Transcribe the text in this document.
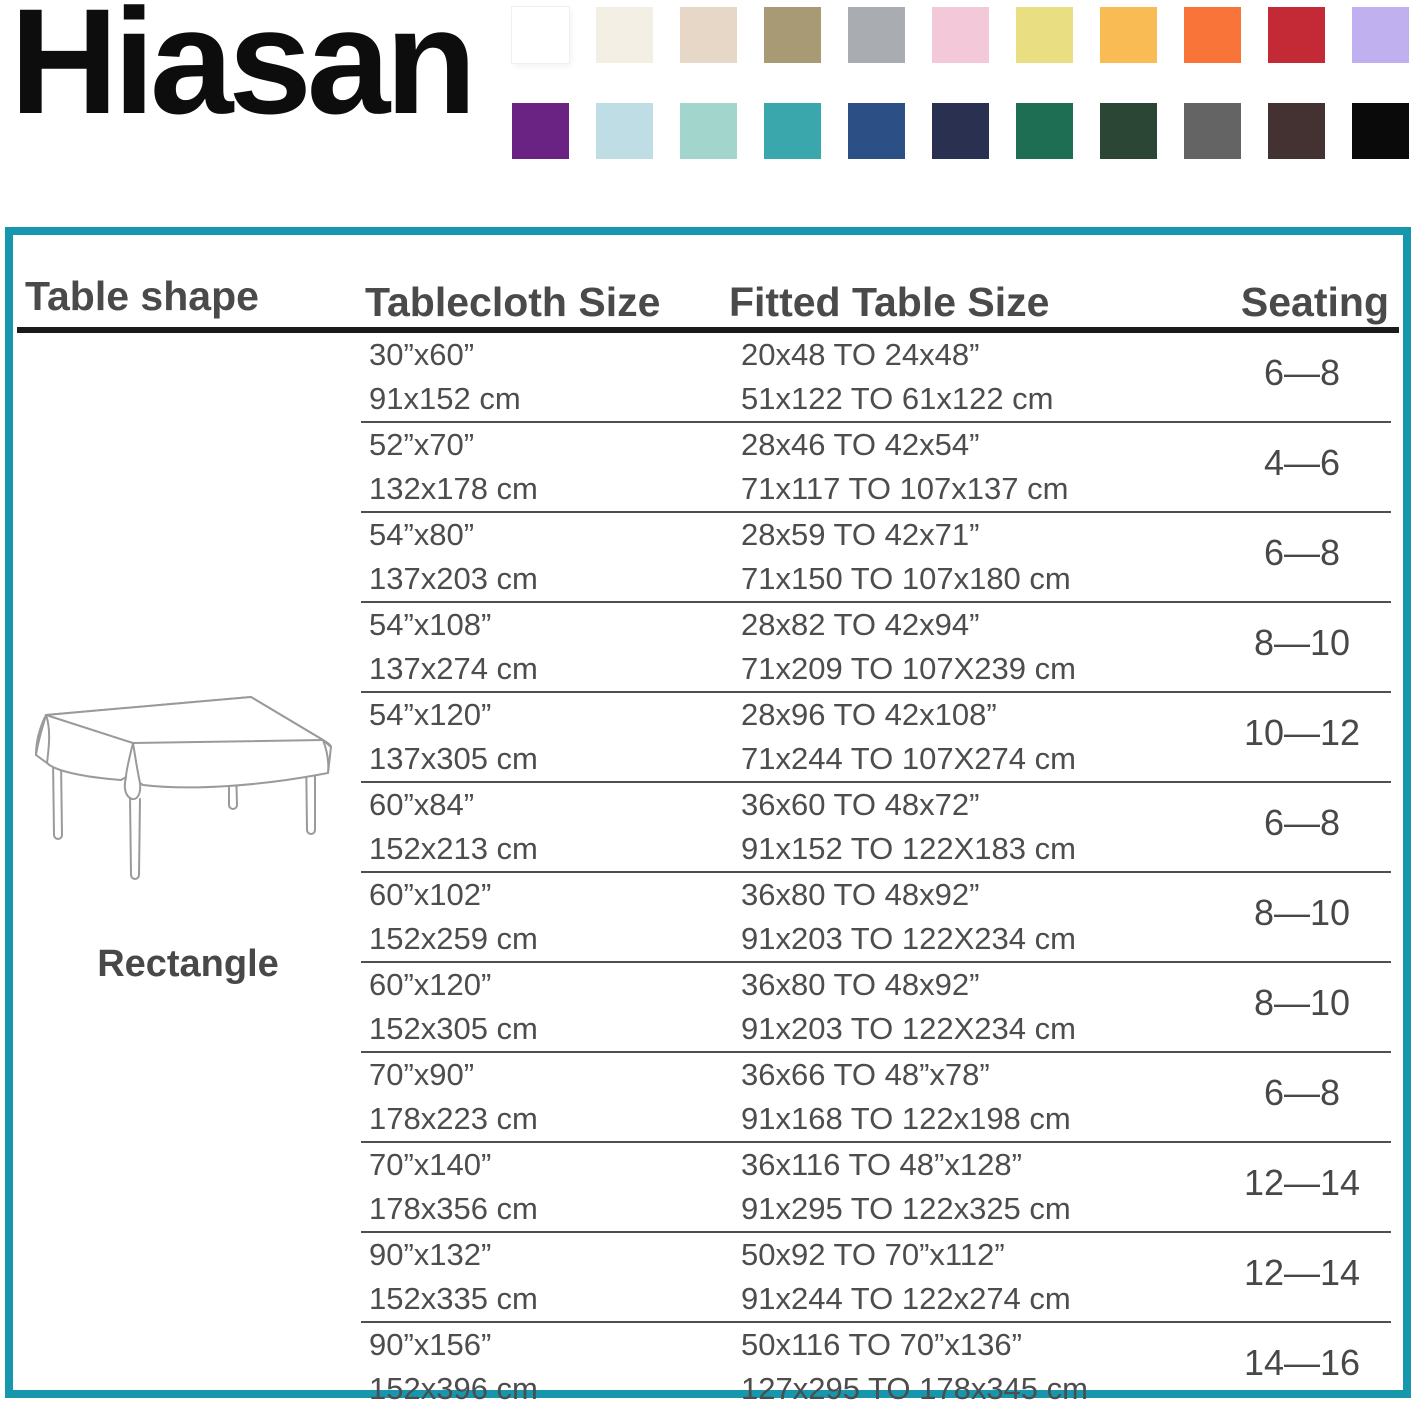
Hiasan
Table shape	Tablecloth Size Fitted Table Size	Seating
Rectangle
30”x60”
91x152 cm
20x48 TO 24x48”
51x122 TO 61x122 cm
6—8
52”x70”
132x178 cm
28x46 TO 42x54”
71x117 TO 107x137 cm
4—6
54”x80”
137x203 cm
28x59 TO 42x71”
71x150 TO 107x180 cm
6—8
54”x108”
137x274 cm
28x82 TO 42x94”
71x209 TO 107X239 cm
8—10
54”x120”
137x305 cm
28x96 TO 42x108”
71x244 TO 107X274 cm
10—12
60”x84”
152x213 cm
36x60 TO 48x72”
91x152 TO 122X183 cm
6—8
60”x102”
152x259 cm
36x80 TO 48x92”
91x203 TO 122X234 cm
8—10
60”x120”
152x305 cm
36x80 TO 48x92”
91x203 TO 122X234 cm
8—10
70”x90”
178x223 cm
36x66 TO 48”x78”
91x168 TO 122x198 cm
6—8
70”x140”
178x356 cm
36x116 TO 48”x128”
91x295 TO 122x325 cm
12—14
90”x132”
152x335 cm
50x92 TO 70”x112”
91x244 TO 122x274 cm
12—14
90”x156”
152x396 cm
50x116 TO 70”x136”
127x295 TO 178x345 cm
14—16
